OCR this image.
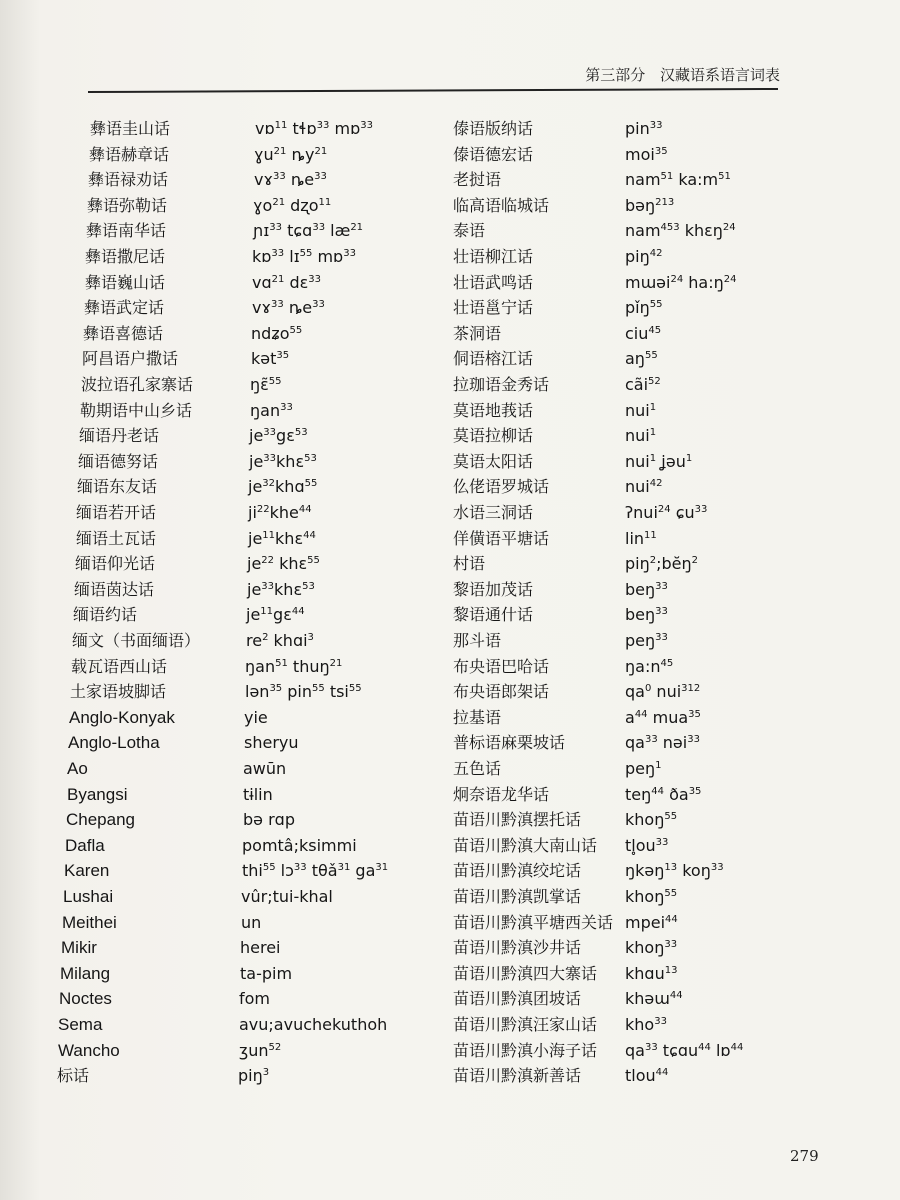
第三部分 汉藏语系语言词表
彝语圭山话	vɒ$^{11}$ tɬɒ$^{33}$ mɒ$^{33}$
彝语赫章话	ɣu$^{21}$ $ȵy^{21}$
彝语禄劝话	vɤ$^{33}$ $ȵe^{33}$
彝语弥勒话	ɣo$^{21}$ dʐo$^{11}$
彝语南华话	ɲɪ$^{33}$ tɕɑ$^{33}$ $læ^{21}$
彝语撒尼话	kɒ$^{33}$ lɪ$^{55}$ mɒ$^{33}$
彝语巍山话	vɑ$^{21}$ dɛ$^{33}$
彝语武定话	vɤ$^{33}$ $ȵe^{33}$
彝语喜德话	ndʑo$^{55}$
阿昌语户撒话	kət$^{35}$
波拉语孔家寨话	ŋɛ̃$^{55}$
勒期语中山乡话	ŋan$^{33}$
缅语丹老话	$je^{33}gɛ^{53}$
缅语德努话	$je^{33}khɛ^{53}$
缅语东友话	$je^{32}khɑ^{55}$
缅语若开话	$ji^{22}khe^{44}$
缅语土瓦话	$je^{11}khɛ^{44}$
缅语仰光话	$je^{22}$ khɛ$^{55}$
缅语茵达话	$je^{33}khɛ^{53}$
缅语约话	$je^{11}gɛ^{44}$
缅文（书面缅语）	$re^2$ khɑi$^3$
载瓦语西山话	ŋan$^{51}$ thuŋ$^{21}$
土家语坡脚话	lən$^{35}$ pin$^{55}$ tsi$^{55}$
Anglo-Konyak	yie
Anglo-Lotha	sheryu
Ao	awūn
Byangsi	tɨlin
Chepang	bə rɑp
Dafla	pomtâ;ksimmi
Karen	thi$^{55}$ lɔ$^{33}$ tθǎ$^{31}$ $ga^{31}$
Lushai	vûr;tui-khal
Meithei	un
Mikir	herei
Milang	ta-pim
Noctes	fom
Sema	avu;avuchekuthoh
Wancho	ʒun$^{52}$
标话	piŋ$^3$
傣语版纳话	pin$^{33}$
傣语德宏话	moi$^{35}$
老挝语	nam$^{51}$ $ka:m^{51}$
临高语临城话	bəŋ$^{213}$
泰语	nam$^{453}$ khɛŋ$^{24}$
壮语柳江话	piŋ$^{42}$
壮语武鸣话	mɯəi$^{24}$ $ha:ŋ^{24}$
壮语邕宁话	pǐŋ$^{55}$
茶洞语	ciu$^{45}$
侗语榕江话	$aŋ^{55}$
拉珈语金秀话	cãi$^{52}$
莫语地莪话	nui$^1$
莫语拉柳话	nui$^1$
莫语太阳话	nui$^1$ ʝəu$^1$
仫佬语罗城话	nui$^{42}$
水语三洞话	ʔnui$^{24}$ ɕu$^{33}$
佯僙语平塘话	lin$^{11}$
村语	piŋ$^2$;bĕŋ$^2$
黎语加茂话	beŋ$^{33}$
黎语通什话	beŋ$^{33}$
那斗语	peŋ$^{33}$
布央语巴哈话	$ŋa:n^{45}$
布央语郎架话	$qa^0$ nui$^{312}$
拉基语	$a^{44}$ mua$^{35}$
普标语麻栗坡话	$qa^{33}$ nəi$^{33}$
五色话	peŋ$^1$
炯奈语龙华话	teŋ$^{44}$ $ða^{35}$
苗语川黔滇摆托话	khoŋ$^{55}$
苗语川黔滇大南山话 $tl̥ou^{33}$
苗语川黔滇绞坨话	ŋkəŋ$^{13}$ koŋ$^{33}$
苗语川黔滇凯掌话	khoŋ$^{55}$
苗语川黔滇平塘西关话 mpei$^{44}$
苗语川黔滇沙井话	khoŋ$^{33}$
苗语川黔滇四大寨话 khɑu$^{13}$
苗语川黔滇团坡话	khəɯ$^{44}$
苗语川黔滇汪家山话 kho$^{33}$
苗语川黔滇小海子话 $qa^{33}$ tɕɑu$^{44}$ lɒ$^{44}$
苗语川黔滇新善话	tlou$^{44}$
279
